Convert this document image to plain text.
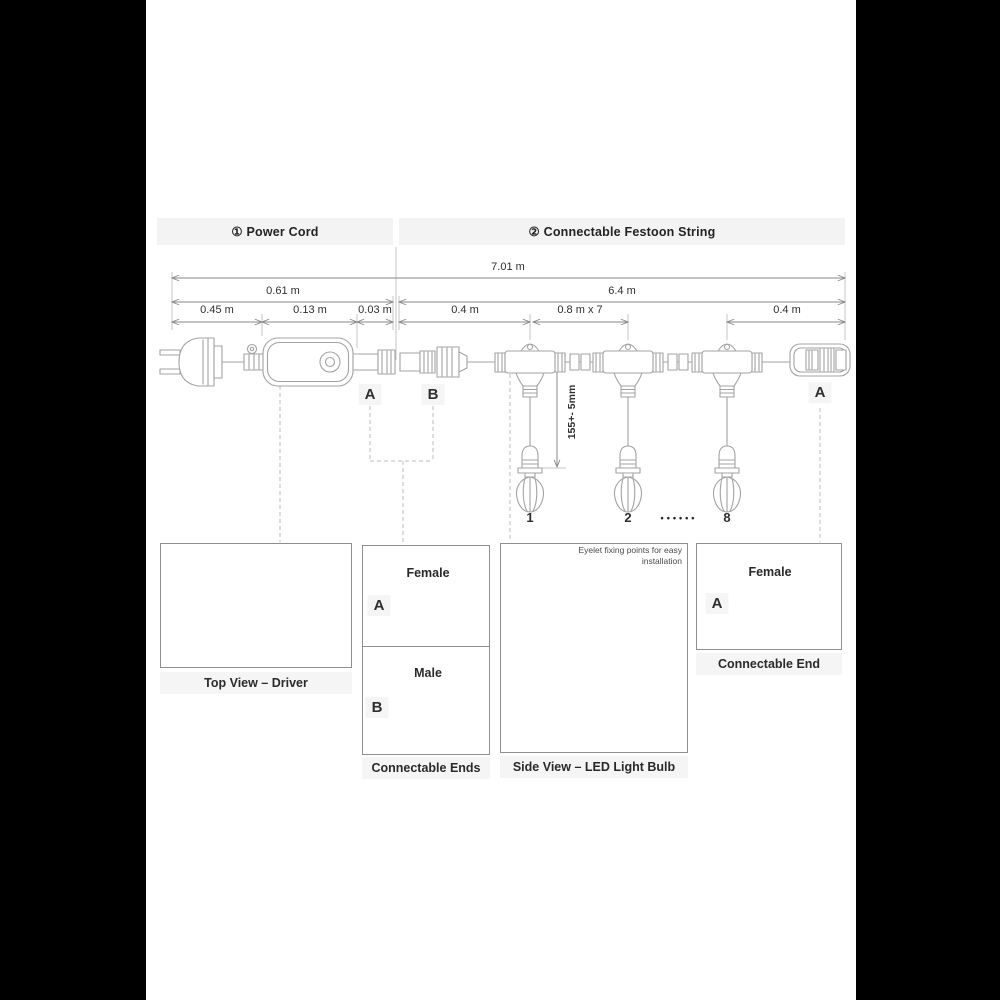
① Power Cord	② Connectable Festoon String
7.01 m
0.61 m	6.4 m
0.45 m	0.13 m	0.03 m	0.4 m	0.8 m x 7	0.4 m
155+- 5mm
A	B	A
1	2	•••••• 8
Top View – Driver
Female
A
Male
B
Connectable Ends
Eyelet fixing points for easy installation
Side View – LED Light Bulb
Female
A
Connectable End
